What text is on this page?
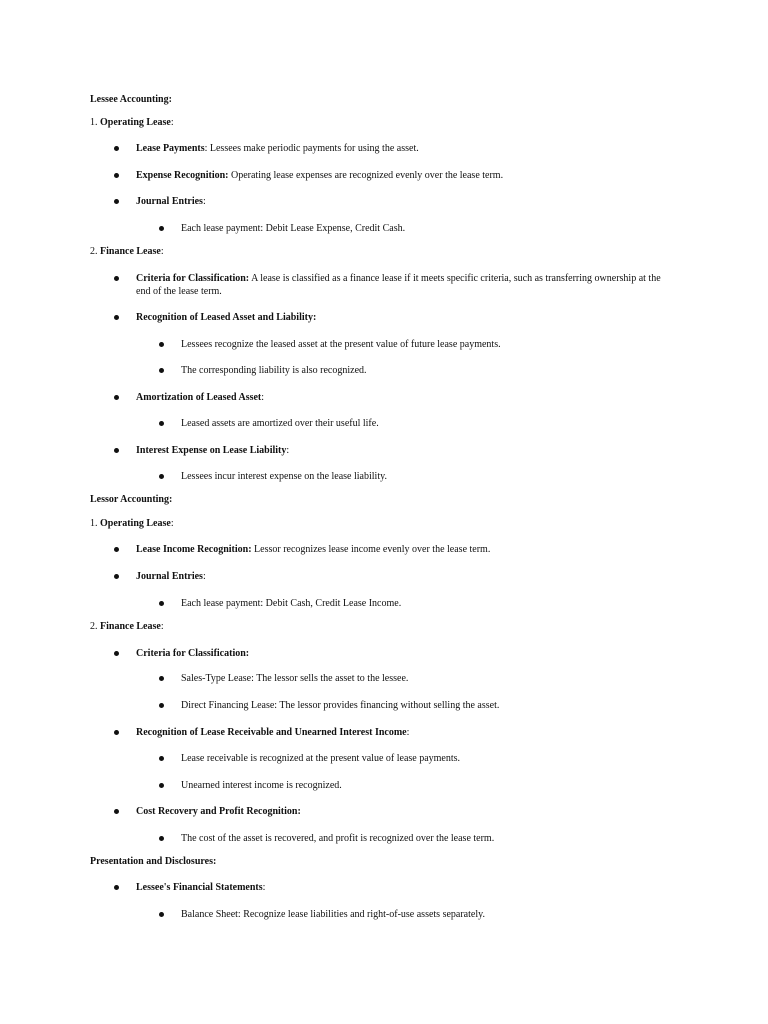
Lessee Accounting:
1. Operating Lease:
Lease Payments: Lessees make periodic payments for using the asset.
Expense Recognition: Operating lease expenses are recognized evenly over the lease term.
Journal Entries:
Each lease payment: Debit Lease Expense, Credit Cash.
2. Finance Lease:
Criteria for Classification: A lease is classified as a finance lease if it meets specific criteria, such as transferring ownership at the
end of the lease term.
Recognition of Leased Asset and Liability:
Lessees recognize the leased asset at the present value of future lease payments.
The corresponding liability is also recognized.
Amortization of Leased Asset:
Leased assets are amortized over their useful life.
Interest Expense on Lease Liability:
Lessees incur interest expense on the lease liability.
Lessor Accounting:
1. Operating Lease:
Lease Income Recognition: Lessor recognizes lease income evenly over the lease term.
Journal Entries:
Each lease payment: Debit Cash, Credit Lease Income.
2. Finance Lease:
Criteria for Classification:
Sales-Type Lease: The lessor sells the asset to the lessee.
Direct Financing Lease: The lessor provides financing without selling the asset.
Recognition of Lease Receivable and Unearned Interest Income:
Lease receivable is recognized at the present value of lease payments.
Unearned interest income is recognized.
Cost Recovery and Profit Recognition:
The cost of the asset is recovered, and profit is recognized over the lease term.
Presentation and Disclosures:
Lessee's Financial Statements:
Balance Sheet: Recognize lease liabilities and right-of-use assets separately.
